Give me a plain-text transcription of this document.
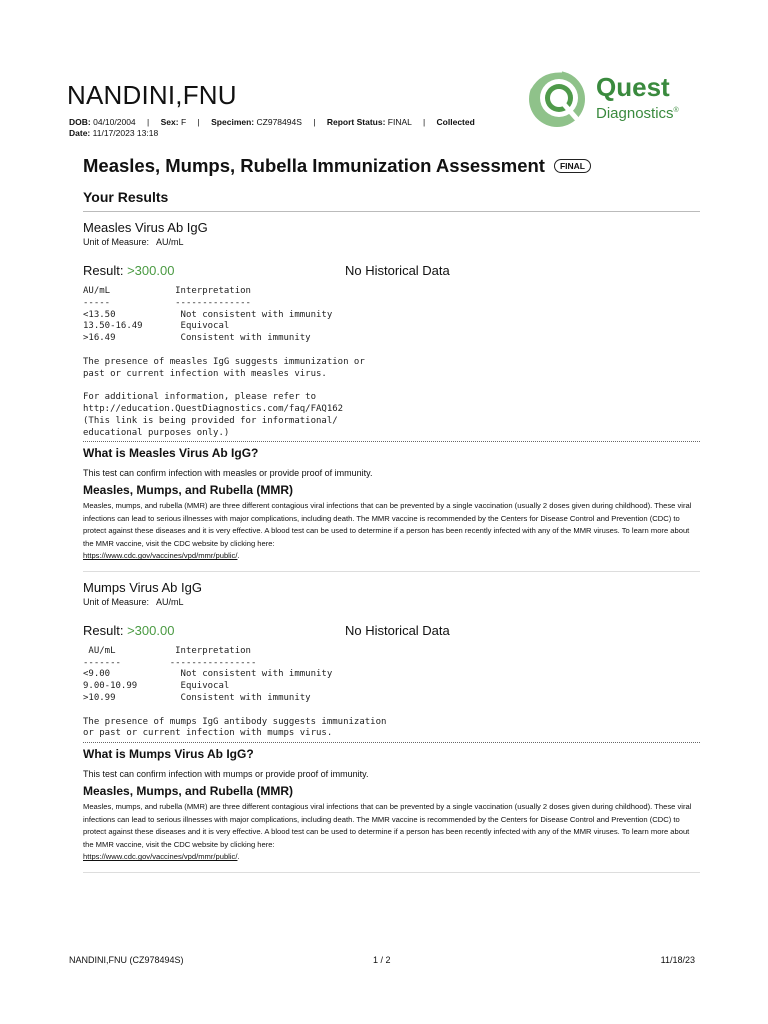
NANDINI,FNU
DOB: 04/10/2004 | Sex: F | Specimen: CZ978494S | Report Status: FINAL | Collected
Date: 11/17/2023 13:18
Quest
Diagnostics®
Measles, Mumps, Rubella Immunization Assessment	FINAL
Your Results
Measles Virus Ab IgG
Unit of Measure: AU/mL
Result: >300.00	No Historical Data
AU/mL            Interpretation
-----            --------------
<13.50            Not consistent with immunity
13.50-16.49       Equivocal
>16.49            Consistent with immunity

The presence of measles IgG suggests immunization or
past or current infection with measles virus.

For additional information, please refer to
http://education.QuestDiagnostics.com/faq/FAQ162
(This link is being provided for informational/
educational purposes only.)
What is Measles Virus Ab IgG?
This test can confirm infection with measles or provide proof of immunity.
Measles, Mumps, and Rubella (MMR)
Measles, mumps, and rubella (MMR) are three different contagious viral infections that can be prevented by a single vaccination (usually 2 doses given during childhood). These viral infections can lead to serious illnesses with major complications, including death. The MMR vaccine is recommended by the Centers for Disease Control and Prevention (CDC) to protect against these diseases and it is very effective. A blood test can be used to determine if a person has been recently infected with any of the MMR viruses. To learn more about the MMR vaccine, visit the CDC website by clicking here:
https://www.cdc.gov/vaccines/vpd/mmr/public/.
Mumps Virus Ab IgG
Unit of Measure: AU/mL
Result: >300.00	No Historical Data
AU/mL           Interpretation
-------         ----------------
<9.00             Not consistent with immunity
9.00-10.99        Equivocal
>10.99            Consistent with immunity

The presence of mumps IgG antibody suggests immunization
or past or current infection with mumps virus.
What is Mumps Virus Ab IgG?
This test can confirm infection with mumps or provide proof of immunity.
Measles, Mumps, and Rubella (MMR)
Measles, mumps, and rubella (MMR) are three different contagious viral infections that can be prevented by a single vaccination (usually 2 doses given during childhood). These viral infections can lead to serious illnesses with major complications, including death. The MMR vaccine is recommended by the Centers for Disease Control and Prevention (CDC) to protect against these diseases and it is very effective. A blood test can be used to determine if a person has been recently infected with any of the MMR viruses. To learn more about the MMR vaccine, visit the CDC website by clicking here:
https://www.cdc.gov/vaccines/vpd/mmr/public/.
NANDINI,FNU (CZ978494S)	1 / 2	11/18/23
